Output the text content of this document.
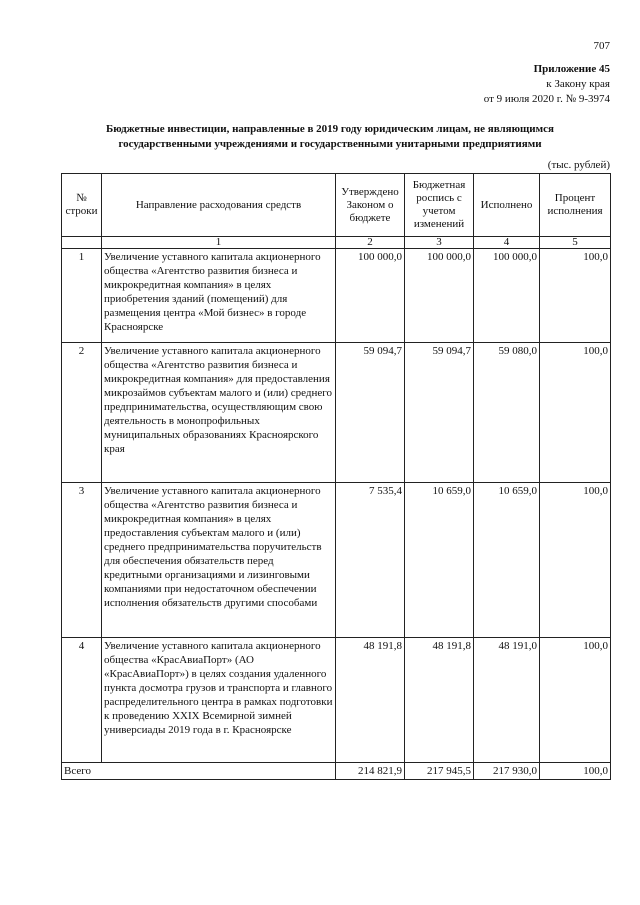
707
Приложение 45
к Закону края
от 9 июля 2020 г. № 9-3974
Бюджетные инвестиции, направленные в 2019 году юридическим лицам, не являющимся
государственными учреждениями и государственными унитарными предприятиями
(тыс. рублей)
№ строки	Направление расходования средств	Утверждено Законом о бюджете	Бюджетная роспись с учетом изменений	Исполнено	Процент исполнения
	1	2	3	4	5
1	Увеличение уставного капитала акционерного общества «Агентство развития бизнеса и микрокредитная компания» в целях приобретения зданий (помещений) для размещения центра «Мой бизнес» в городе Красноярске	100 000,0	100 000,0	100 000,0	100,0
2	Увеличение уставного капитала акционерного общества «Агентство развития бизнеса и микрокредитная компания» для предоставления микрозаймов субъектам малого и (или) среднего предпринимательства, осуществляющим свою деятельность в монопрофильных муниципальных образованиях Красноярского края	59 094,7	59 094,7	59 080,0	100,0
3	Увеличение уставного капитала акционерного общества «Агентство развития бизнеса и микрокредитная компания» в целях предоставления субъектам малого и (или) среднего предпринимательства поручительств для обеспечения обязательств перед кредитными организациями и лизинговыми компаниями при недостаточном обеспечении исполнения обязательств другими способами	7 535,4	10 659,0	10 659,0	100,0
4	Увеличение уставного капитала акционерного общества «КрасАвиаПорт» (АО «КрасАвиаПорт») в целях создания удаленного пункта досмотра грузов и транспорта и главного распределительного центра в рамках подготовки к проведению XXIX Всемирной зимней универсиады 2019 года в г. Красноярске	48 191,8	48 191,8	48 191,0	100,0
Всего		214 821,9	217 945,5	217 930,0	100,0
